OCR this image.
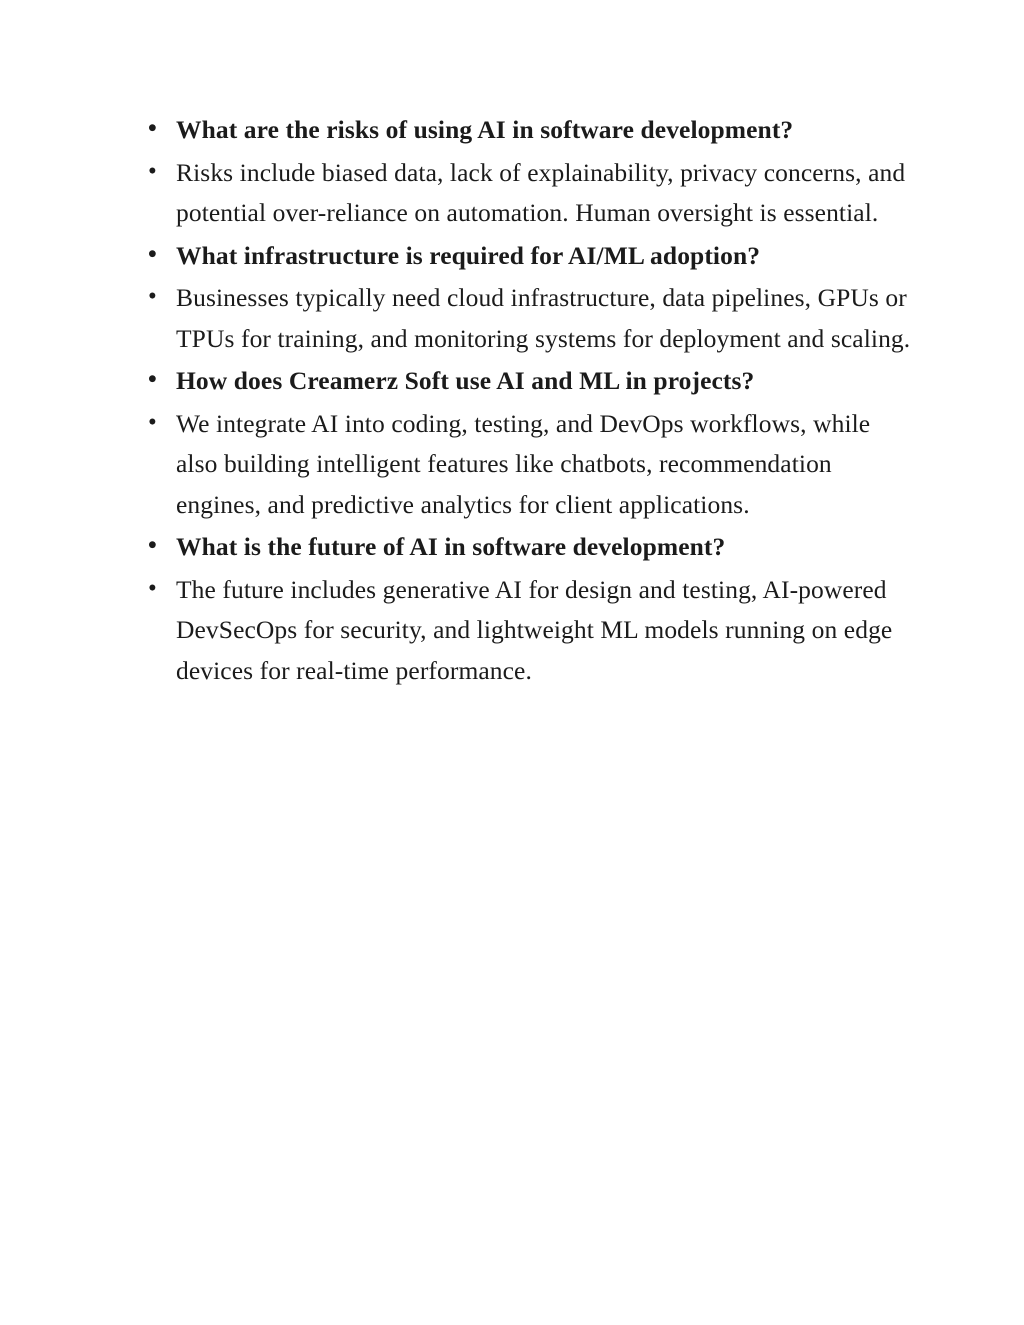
• What are the risks of using AI in software development?
• Risks include biased data, lack of explainability, privacy concerns, and potential over-reliance on automation. Human oversight is essential.
• What infrastructure is required for AI/ML adoption?
• Businesses typically need cloud infrastructure, data pipelines, GPUs or TPUs for training, and monitoring systems for deployment and scaling.
• How does Creamerz Soft use AI and ML in projects?
• We integrate AI into coding, testing, and DevOps workflows, while also building intelligent features like chatbots, recommendation engines, and predictive analytics for client applications.
• What is the future of AI in software development?
• The future includes generative AI for design and testing, AI-powered DevSecOps for security, and lightweight ML models running on edge devices for real-time performance.
